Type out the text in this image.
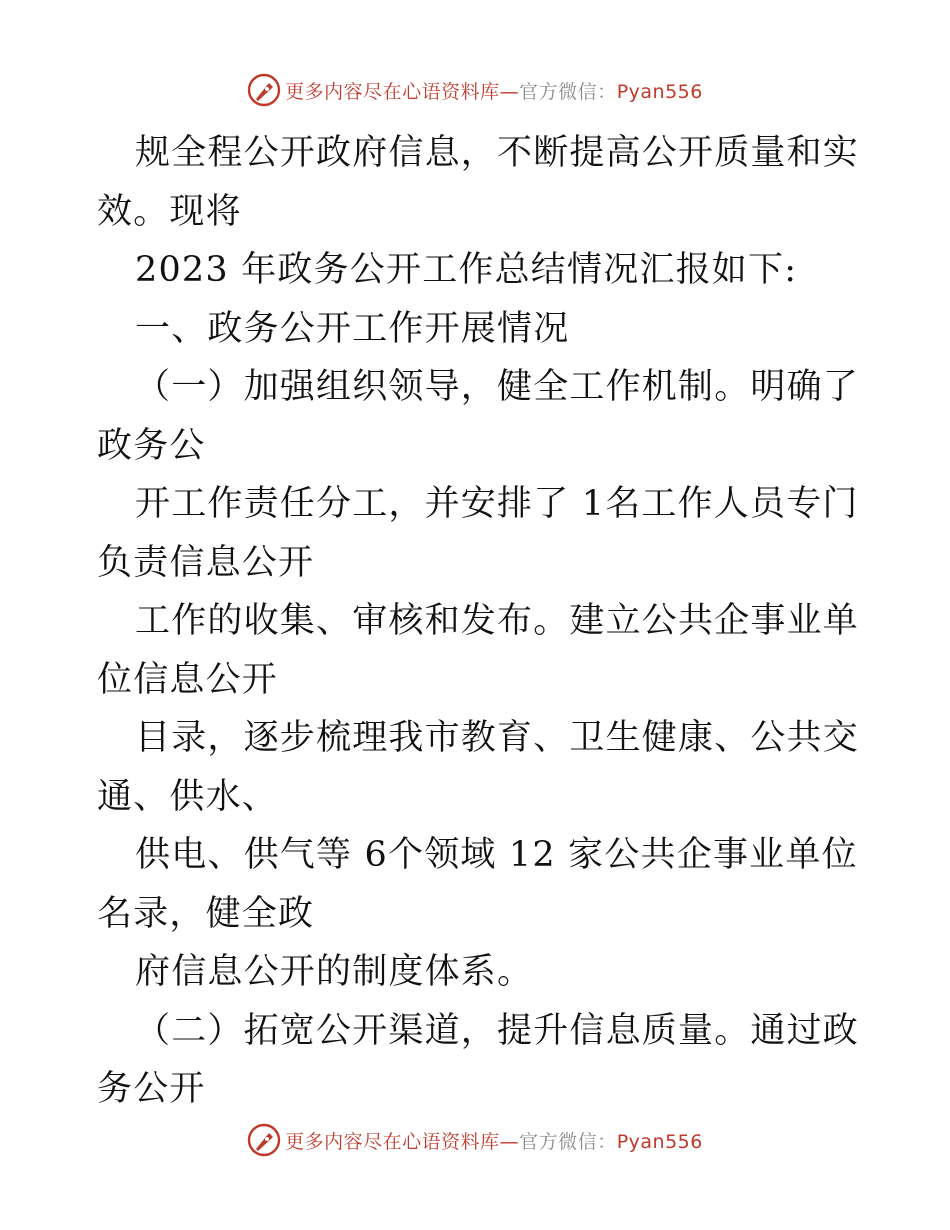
更多内容尽在心语资料库—官方微信：Pyan556

规全程公开政府信息，不断提高公开质量和实效。现将

2023 年政务公开工作总结情况汇报如下:

一、政务公开工作开展情况

（一）加强组织领导，健全工作机制。明确了政务公

开工作责任分工，并安排了 1名工作人员专门负责信息公开

工作的收集、审核和发布。建立公共企事业单位信息公开

目录，逐步梳理我市教育、卫生健康、公共交通、供水、

供电、供气等 6个领域 12 家公共企事业单位名录，健全政

府信息公开的制度体系。

（二）拓宽公开渠道，提升信息质量。通过政务公开

更多内容尽在心语资料库—官方微信：Pyan556
